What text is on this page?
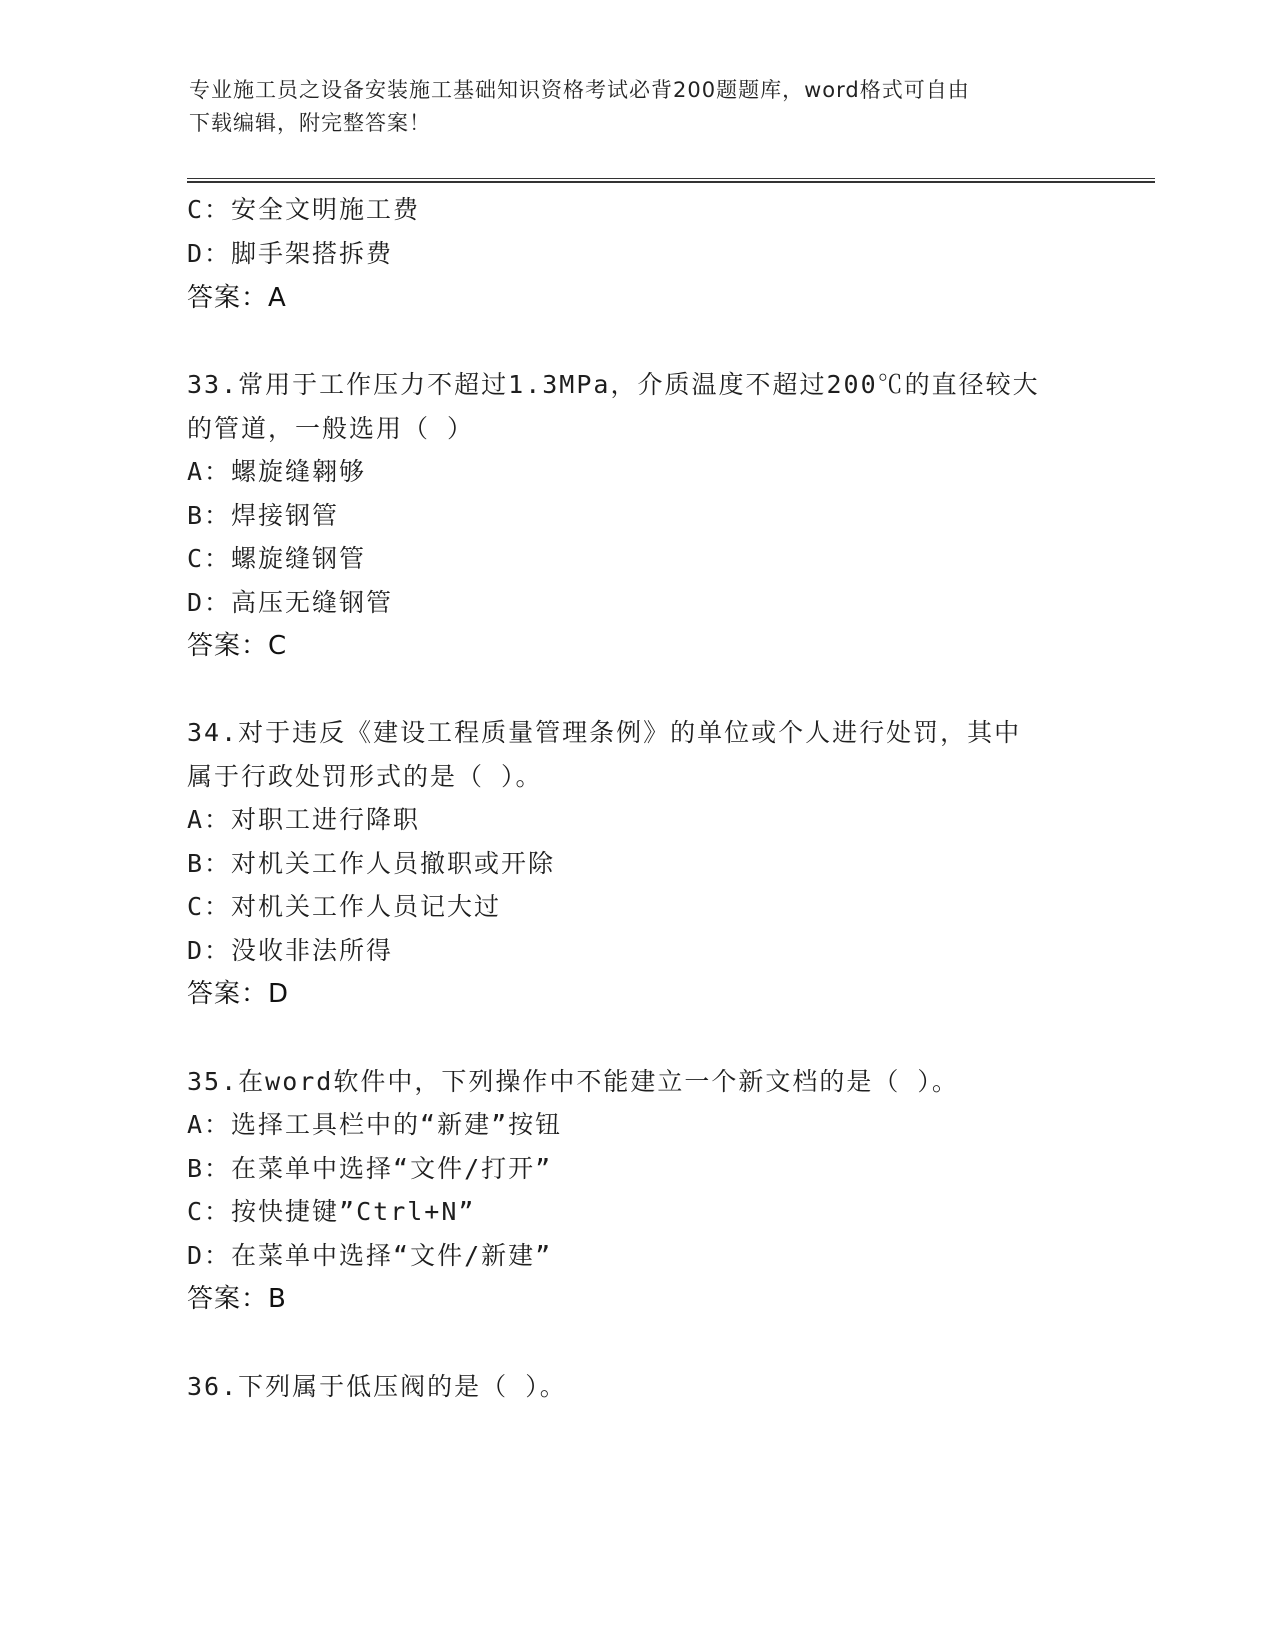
专业施工员之设备安装施工基础知识资格考试必背200题题库，word格式可自由
下载编辑，附完整答案！
C：安全文明施工费
D：脚手架搭拆费
答案：A
33.常用于工作压力不超过1.3MPa，介质温度不超过200℃的直径较大
的管道，一般选用（ ）
A：螺旋缝翱够
B：焊接钢管
C：螺旋缝钢管
D：高压无缝钢管
答案：C
34.对于违反《建设工程质量管理条例》的单位或个人进行处罚，其中
属于行政处罚形式的是（ ）。
A：对职工进行降职
B：对机关工作人员撤职或开除
C：对机关工作人员记大过
D：没收非法所得
答案：D
35.在word软件中，下列操作中不能建立一个新文档的是（ ）。
A：选择工具栏中的“新建”按钮
B：在菜单中选择“文件/打开”
C：按快捷键”Ctrl+N”
D：在菜单中选择“文件/新建”
答案：B
36.下列属于低压阀的是（ ）。
